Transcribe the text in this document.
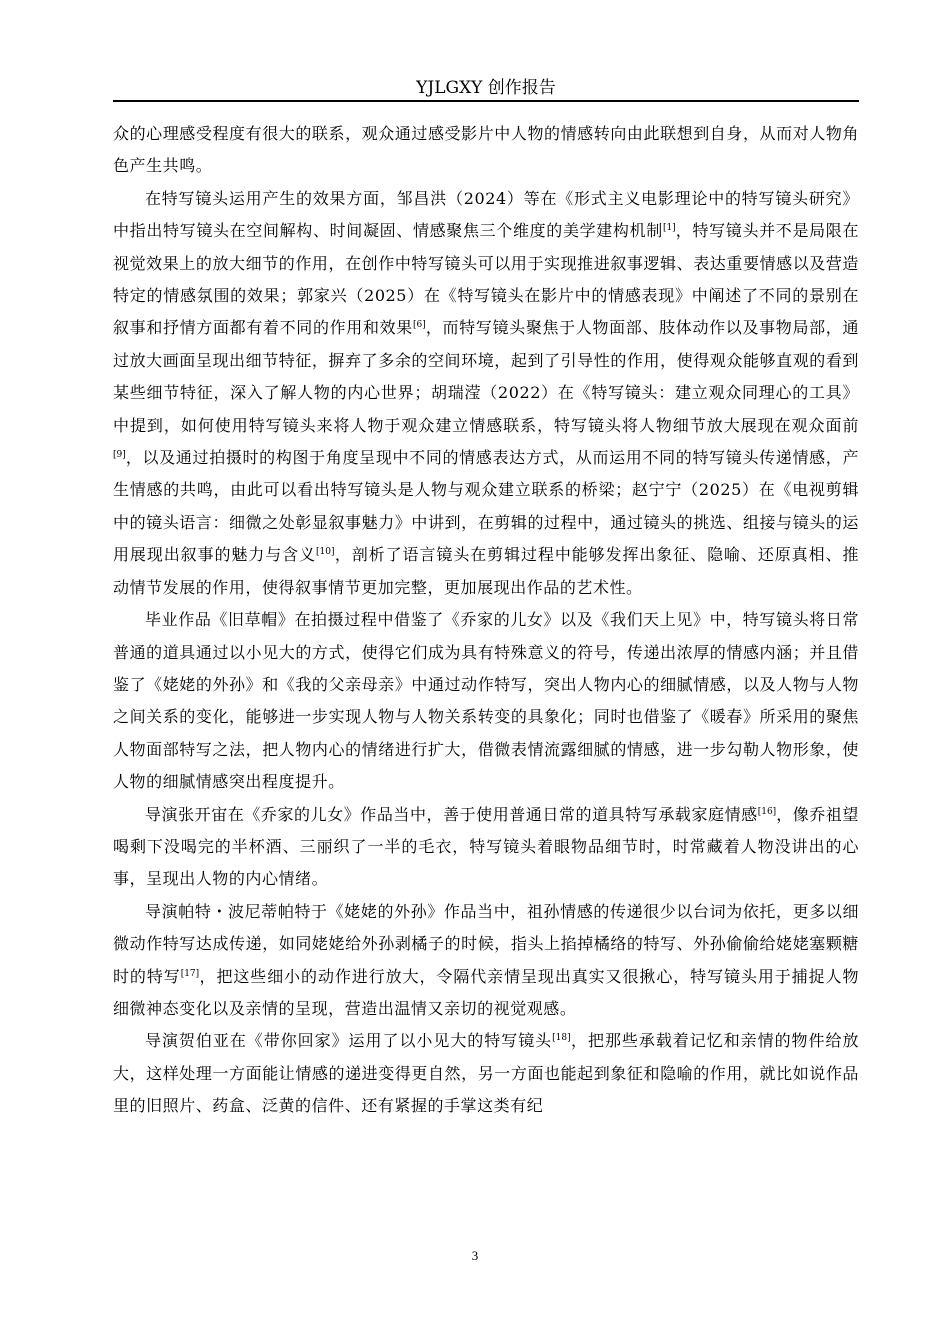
YJLGXY 创作报告

众的心理感受程度有很大的联系，观众通过感受影片中人物的情感转向由此联想到自身，从而对人物角色产生共鸣。

在特写镜头运用产生的效果方面，邹昌洪（2024）等在《形式主义电影理论中的特写镜头研究》中指出特写镜头在空间解构、时间凝固、情感聚焦三个维度的美学建构机制[1]，特写镜头并不是局限在视觉效果上的放大细节的作用，在创作中特写镜头可以用于实现推进叙事逻辑、表达重要情感以及营造特定的情感氛围的效果；郭家兴（2025）在《特写镜头在影片中的情感表现》中阐述了不同的景别在叙事和抒情方面都有着不同的作用和效果[6]，而特写镜头聚焦于人物面部、肢体动作以及事物局部，通过放大画面呈现出细节特征，摒弃了多余的空间环境，起到了引导性的作用，使得观众能够直观的看到某些细节特征，深入了解人物的内心世界；胡瑞滢（2022）在《特写镜头：建立观众同理心的工具》中提到，如何使用特写镜头来将人物于观众建立情感联系，特写镜头将人物细节放大展现在观众面前[9]，以及通过拍摄时的构图于角度呈现中不同的情感表达方式，从而运用不同的特写镜头传递情感，产生情感的共鸣，由此可以看出特写镜头是人物与观众建立联系的桥梁；赵宁宁（2025）在《电视剪辑中的镜头语言：细微之处彰显叙事魅力》中讲到，在剪辑的过程中，通过镜头的挑选、组接与镜头的运用展现出叙事的魅力与含义[10]，剖析了语言镜头在剪辑过程中能够发挥出象征、隐喻、还原真相、推动情节发展的作用，使得叙事情节更加完整，更加展现出作品的艺术性。

毕业作品《旧草帽》在拍摄过程中借鉴了《乔家的儿女》以及《我们天上见》中，特写镜头将日常普通的道具通过以小见大的方式，使得它们成为具有特殊意义的符号，传递出浓厚的情感内涵；并且借鉴了《姥姥的外孙》和《我的父亲母亲》中通过动作特写，突出人物内心的细腻情感，以及人物与人物之间关系的变化，能够进一步实现人物与人物关系转变的具象化；同时也借鉴了《暖春》所采用的聚焦人物面部特写之法，把人物内心的情绪进行扩大，借微表情流露细腻的情感，进一步勾勒人物形象，使人物的细腻情感突出程度提升。

导演张开宙在《乔家的儿女》作品当中，善于使用普通日常的道具特写承载家庭情感[16]，像乔祖望喝剩下没喝完的半杯酒、三丽织了一半的毛衣，特写镜头着眼物品细节时，时常藏着人物没讲出的心事，呈现出人物的内心情绪。

导演帕特・波尼蒂帕特于《姥姥的外孙》作品当中，祖孙情感的传递很少以台词为依托，更多以细微动作特写达成传递，如同姥姥给外孙剥橘子的时候，指头上掐掉橘络的特写、外孙偷偷给姥姥塞颗糖时的特写[17]，把这些细小的动作进行放大，令隔代亲情呈现出真实又很揪心，特写镜头用于捕捉人物细微神态变化以及亲情的呈现，营造出温情又亲切的视觉观感。

导演贺伯亚在《带你回家》运用了以小见大的特写镜头[18]，把那些承载着记忆和亲情的物件给放大，这样处理一方面能让情感的递进变得更自然，另一方面也能起到象征和隐喻的作用，就比如说作品里的旧照片、药盒、泛黄的信件、还有紧握的手掌这类有纪

3
